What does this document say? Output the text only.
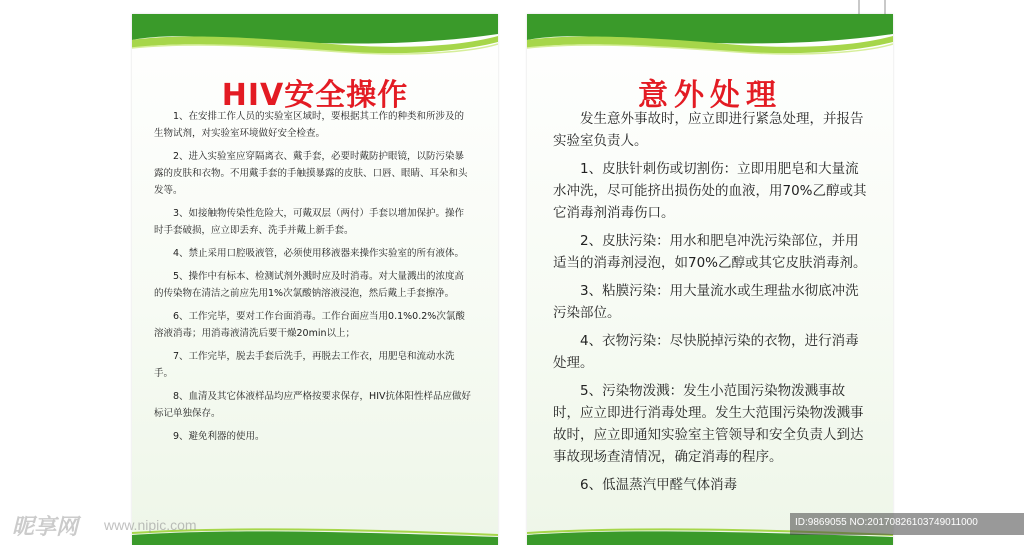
HIV安全操作

1、在安排工作人员的实验室区域时，要根据其工作的种类和所涉及的生物试剂，对实验室环境做好安全检查。

2、进入实验室应穿隔离衣、戴手套，必要时戴防护眼镜，以防污染暴露的皮肤和衣物。不用戴手套的手触摸暴露的皮肤、口唇、眼睛、耳朵和头发等。

3、如接触物传染性危险大，可戴双层（两付）手套以增加保护。操作时手套破损，应立即丢弃、洗手并戴上新手套。

4、禁止采用口腔吸液管，必须使用移液器来操作实验室的所有液体。

5、操作中有标本、检测试剂外溅时应及时消毒。对大量溅出的浓度高的传染物在清洁之前应先用1%次氯酸钠溶液浸泡，然后戴上手套擦净。

6、工作完毕，要对工作台面消毒。工作台面应当用0.1%0.2%次氯酸溶液消毒；用消毒液清洗后要干燥20min以上；

7、工作完毕，脱去手套后洗手，再脱去工作衣，用肥皂和流动水洗手。

8、血清及其它体液样品均应严格按要求保存，HIV抗体阳性样品应做好标记单独保存。

9、避免利器的使用。

意外处理

发生意外事故时，应立即进行紧急处理，并报告实验室负责人。

1、皮肤针刺伤或切割伤：立即用肥皂和大量流水冲洗，尽可能挤出损伤处的血液，用70%乙醇或其它消毒剂消毒伤口。

2、皮肤污染：用水和肥皂冲洗污染部位，并用适当的消毒剂浸泡，如70%乙醇或其它皮肤消毒剂。

3、粘膜污染：用大量流水或生理盐水彻底冲洗污染部位。

4、衣物污染：尽快脱掉污染的衣物，进行消毒处理。

5、污染物泼溅：发生小范围污染物泼溅事故时，应立即进行消毒处理。发生大范围污染物泼溅事故时，应立即通知实验室主管领导和安全负责人到达事故现场查清情况，确定消毒的程序。

6、低温蒸汽甲醛气体消毒

昵享网 www.nipic.com	ID:9869055 NO:20170826103749011000
